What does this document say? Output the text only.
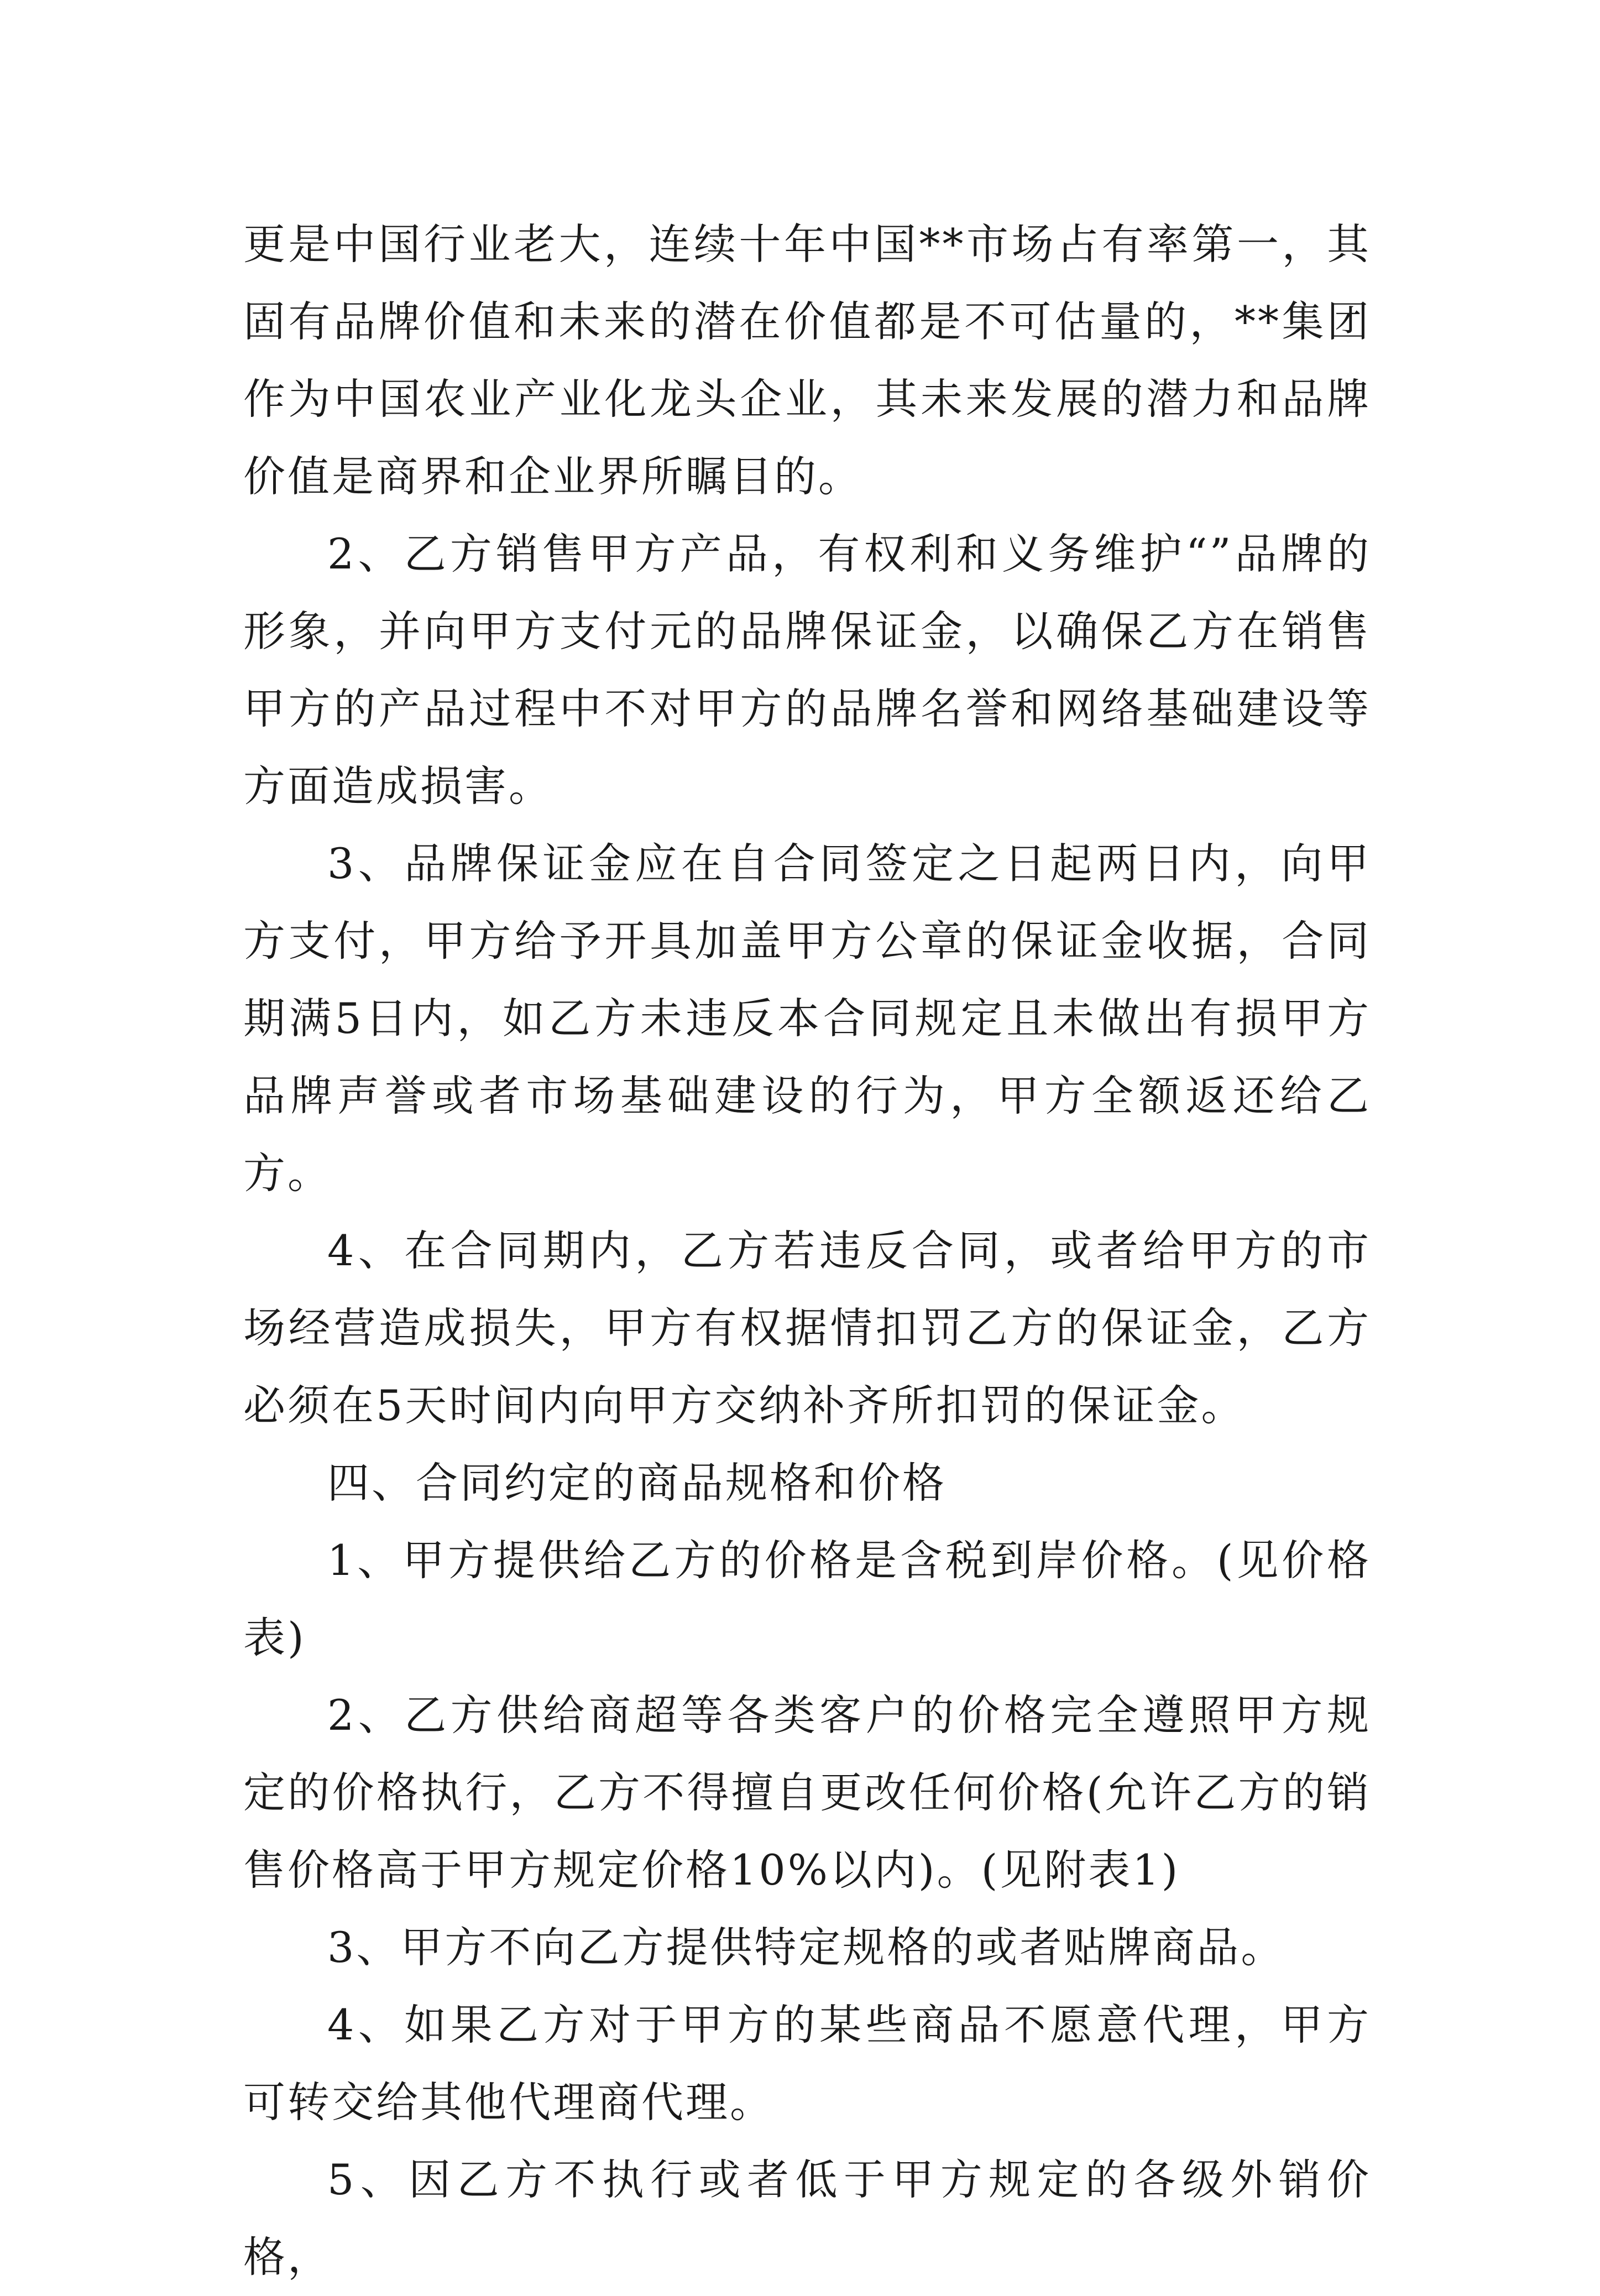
更是中国行业老大，连续十年中国**市场占有率第一，其固有品牌价值和未来的潜在价值都是不可估量的，**集团作为中国农业产业化龙头企业，其未来发展的潜力和品牌价值是商界和企业界所瞩目的。

2、乙方销售甲方产品，有权利和义务维护“”品牌的形象，并向甲方支付元的品牌保证金，以确保乙方在销售甲方的产品过程中不对甲方的品牌名誉和网络基础建设等方面造成损害。

3、品牌保证金应在自合同签定之日起两日内，向甲方支付，甲方给予开具加盖甲方公章的保证金收据，合同期满5日内，如乙方未违反本合同规定且未做出有损甲方品牌声誉或者市场基础建设的行为，甲方全额返还给乙方。

4、在合同期内，乙方若违反合同，或者给甲方的市场经营造成损失，甲方有权据情扣罚乙方的保证金，乙方必须在5天时间内向甲方交纳补齐所扣罚的保证金。

四、合同约定的商品规格和价格

1、甲方提供给乙方的价格是含税到岸价格。(见价格表)

2、乙方供给商超等各类客户的价格完全遵照甲方规定的价格执行，乙方不得擅自更改任何价格(允许乙方的销售价格高于甲方规定价格10%以内)。(见附表1)

3、甲方不向乙方提供特定规格的或者贴牌商品。

4、如果乙方对于甲方的某些商品不愿意代理，甲方可转交给其他代理商代理。

5、因乙方不执行或者低于甲方规定的各级外销价格，
